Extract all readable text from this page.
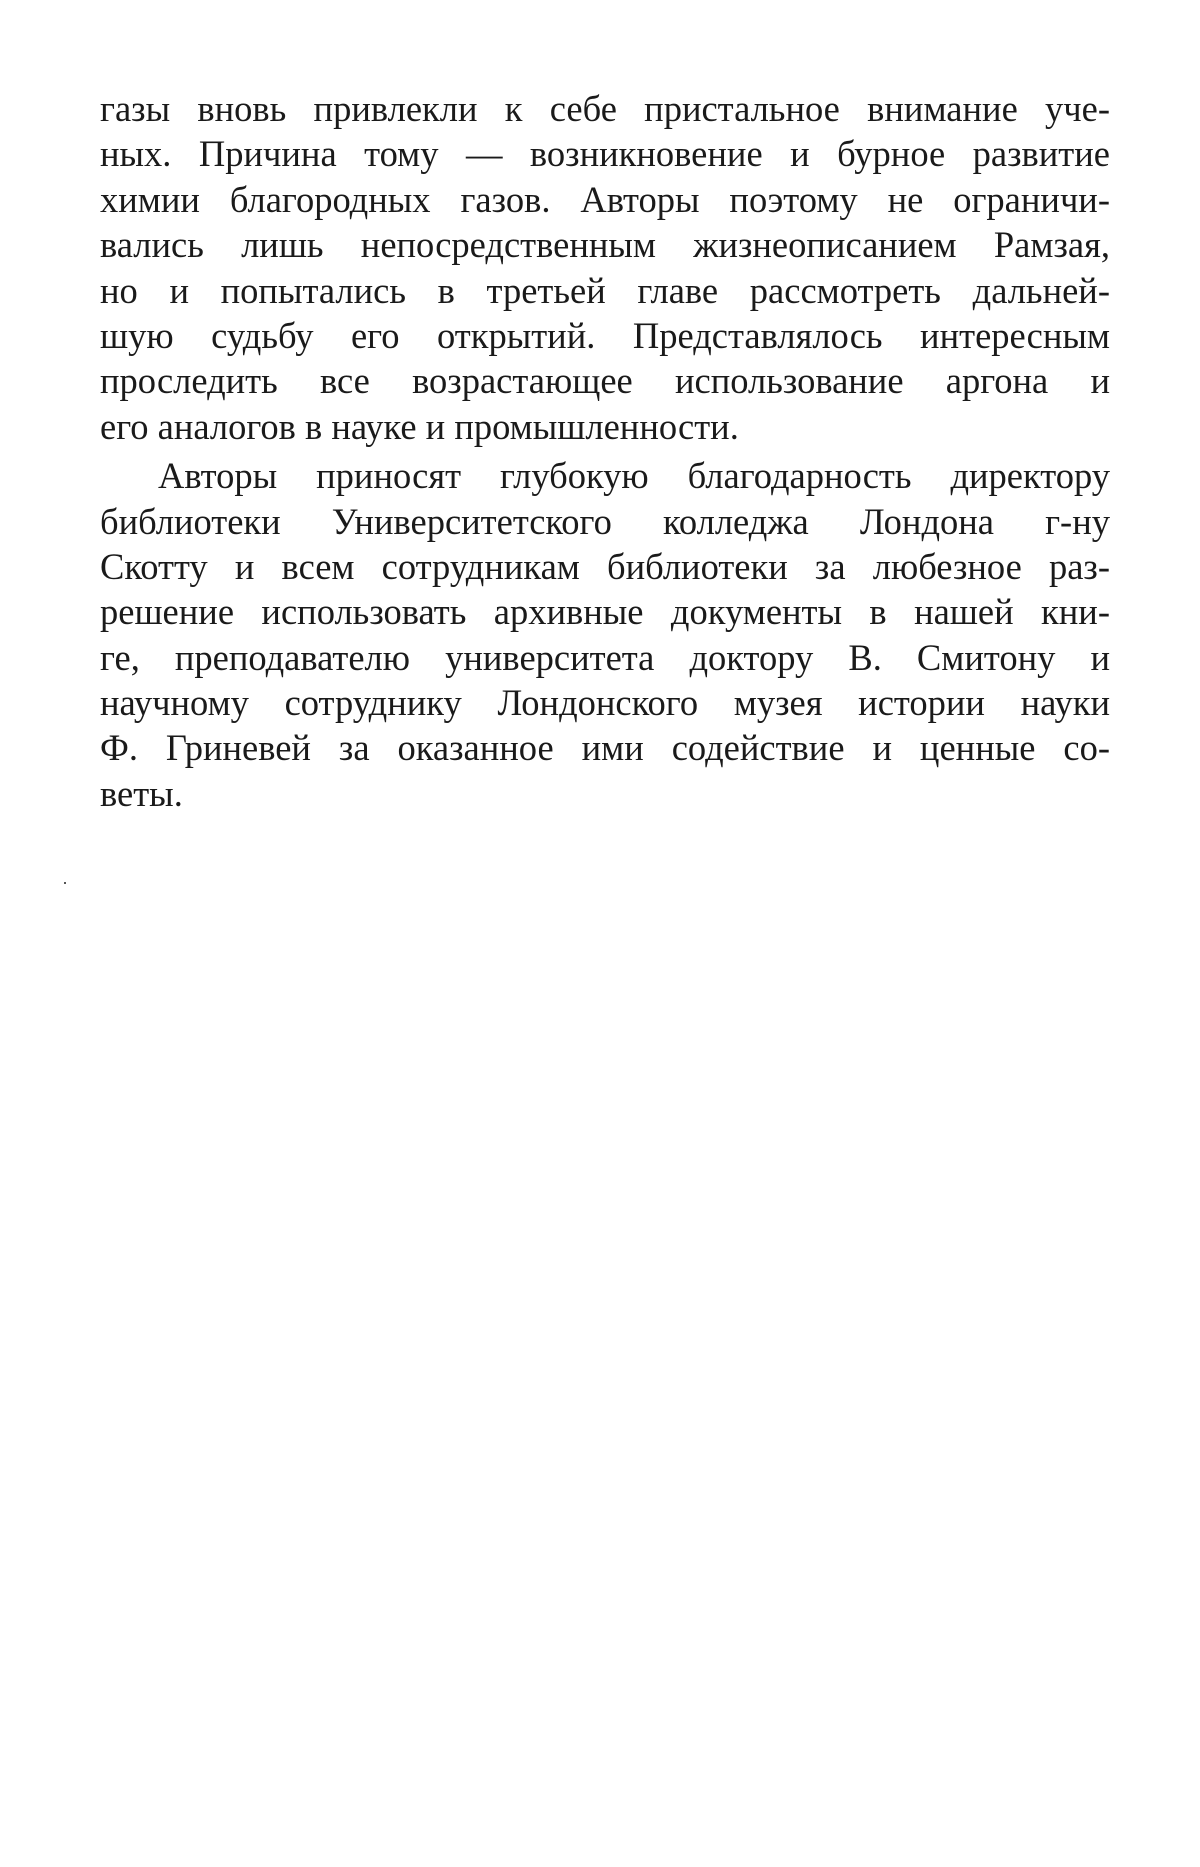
газы вновь привлекли к себе пристальное внимание уче-
ных. Причина тому — возникновение и бурное развитие
химии благородных газов. Авторы поэтому не ограничи-
вались лишь непосредственным жизнеописанием Рамзая,
но и попытались в третьей главе рассмотреть дальней-
шую судьбу его открытий. Представлялось интересным
проследить все возрастающее использование аргона и
его аналогов в науке и промышленности.

Авторы приносят глубокую благодарность директору
библиотеки Университетского колледжа Лондона г-ну
Скотту и всем сотрудникам библиотеки за любезное раз-
решение использовать архивные документы в нашей кни-
ге, преподавателю университета доктору В. Смитону и
научному сотруднику Лондонского музея истории науки
Ф. Гриневей за оказанное ими содействие и ценные со-
веты.
